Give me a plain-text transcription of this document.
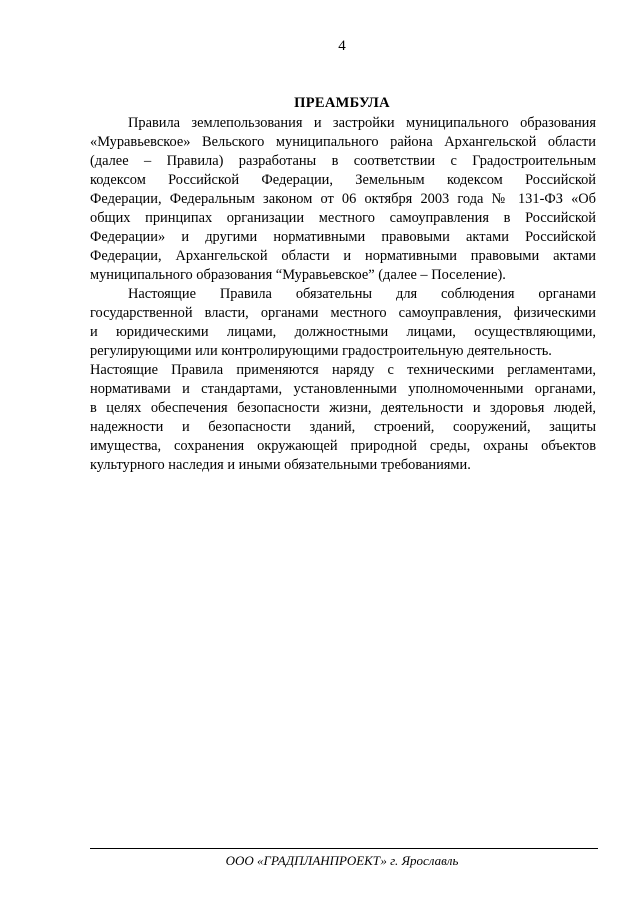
4
ПРЕАМБУЛА
Правила землепользования и застройки муниципального образования
«Муравьевское» Вельского муниципального района Архангельской области
(далее – Правила) разработаны в соответствии с Градостроительным
кодексом Российской Федерации, Земельным кодексом Российской
Федерации, Федеральным законом от 06 октября 2003 года № 131-ФЗ «Об
общих принципах организации местного самоуправления в Российской
Федерации» и другими нормативными правовыми актами Российской
Федерации, Архангельской области и нормативными правовыми актами
муниципального образования “Муравьевское” (далее – Поселение).
Настоящие Правила обязательны для соблюдения органами
государственной власти, органами местного самоуправления, физическими
и юридическими лицами, должностными лицами, осуществляющими,
регулирующими или контролирующими градостроительную деятельность.
Настоящие Правила применяются наряду с техническими регламентами,
нормативами и стандартами, установленными уполномоченными органами,
в целях обеспечения безопасности жизни, деятельности и здоровья людей,
надежности и безопасности зданий, строений, сооружений, защиты
имущества, сохранения окружающей природной среды, охраны объектов
культурного наследия и иными обязательными требованиями.
ООО «ГРАДПЛАНПРОЕКТ» г. Ярославль
